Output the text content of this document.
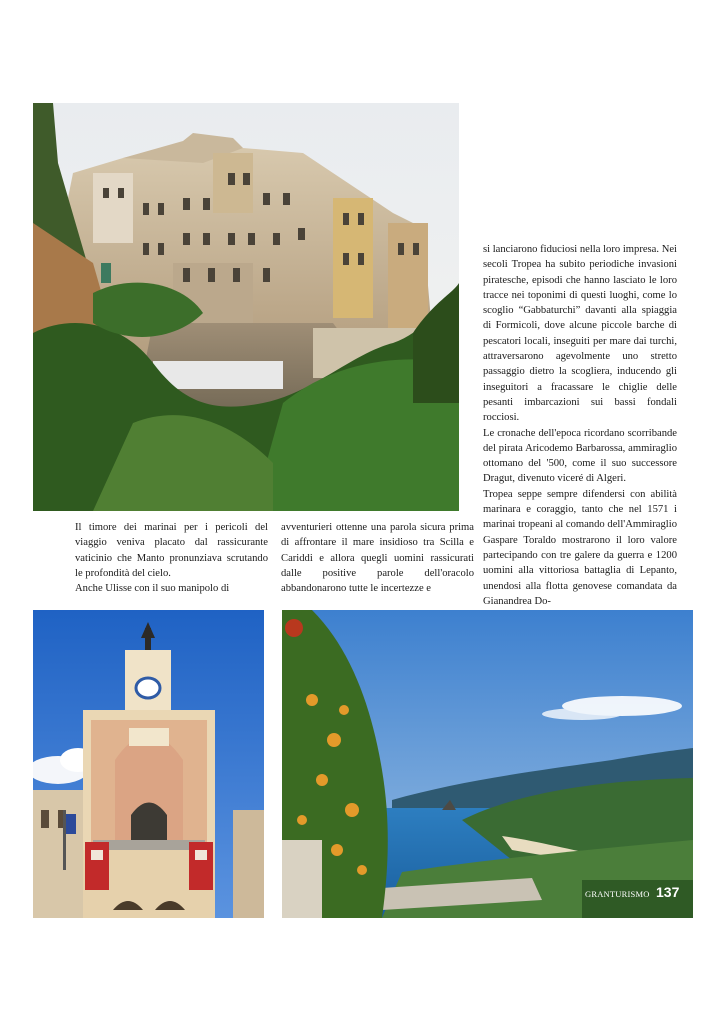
Il timore dei marinai per i pericoli del viaggio veniva placato dal rassicurante vaticinio che Manto pronunziava scrutando le profondità del cielo.

Anche Ulisse con il suo manipolo di

avventurieri ottenne una parola sicura prima di affrontare il mare insidioso tra Scilla e Cariddi e allora quegli uomini rassicurati dalle positive parole dell'oracolo abbandonarono tutte le incertezze e

si lanciarono fiduciosi nella loro impresa. Nei secoli Tropea ha subito periodiche invasioni piratesche, episodi che hanno lasciato le loro tracce nei toponimi di questi luoghi, come lo scoglio “Gabbaturchi” davanti alla spiaggia di Formicoli, dove alcune piccole barche di pescatori locali, inseguiti per mare dai turchi, attraversarono agevolmente uno stretto passaggio dietro la scogliera, inducendo gli inseguitori a fracassare le chiglie delle pesanti imbarcazioni sui bassi fondali rocciosi.

Le cronache dell'epoca ricordano scorribande del pirata Aricodemo Barbarossa, ammiraglio ottomano del '500, come il suo successore Dragut, divenuto viceré di Algeri.

Tropea seppe sempre difendersi con abilità marinara e coraggio, tanto che nel 1571 i marinai tropeani al comando dell'Ammiraglio Gaspare Toraldo mostrarono il loro valore partecipando con tre galere da guerra e 1200 uomini alla vittoriosa battaglia di Lepanto, unendosi alla flotta genovese comandata da Gianandrea Do-

GRANTURISMO 137
